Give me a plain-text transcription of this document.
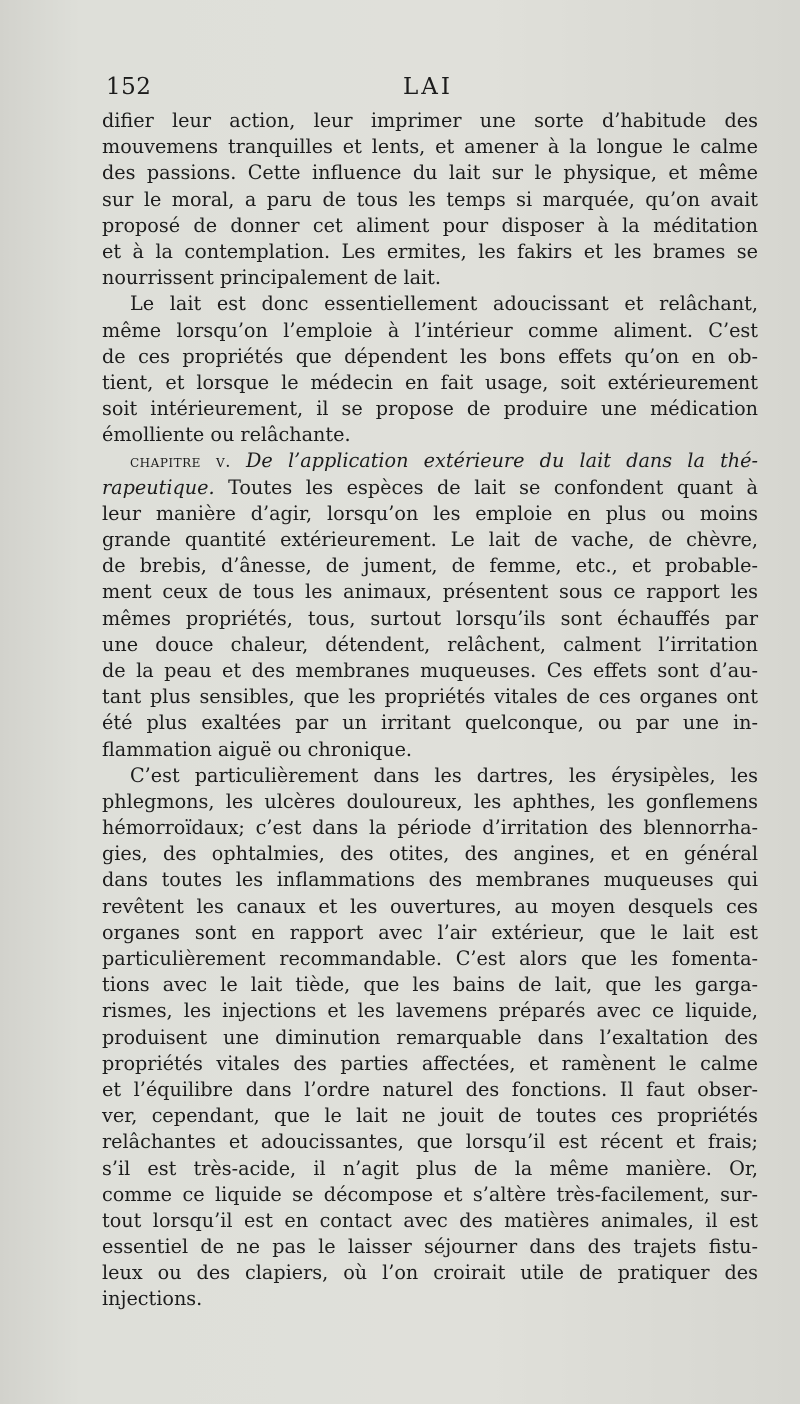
152	LAI
difier leur action, leur imprimer une sorte d’habitude des
mouvemens tranquilles et lents, et amener à la longue le calme
des passions. Cette influence du lait sur le physique, et même
sur le moral, a paru de tous les temps si marquée, qu’on avait
proposé de donner cet aliment pour disposer à la méditation
et à la contemplation. Les ermites, les fakirs et les brames se
nourrissent principalement de lait.
Le lait est donc essentiellement adoucissant et relâchant,
même lorsqu’on l’emploie à l’intérieur comme aliment. C’est
de ces propriétés que dépendent les bons effets qu’on en ob-
tient, et lorsque le médecin en fait usage, soit extérieurement
soit intérieurement, il se propose de produire une médication
émolliente ou relâchante.
chapitre v. De l’application extérieure du lait dans la thé-
rapeutique. Toutes les espèces de lait se confondent quant à
leur manière d’agir, lorsqu’on les emploie en plus ou moins
grande quantité extérieurement. Le lait de vache, de chèvre,
de brebis, d’ânesse, de jument, de femme, etc., et probable-
ment ceux de tous les animaux, présentent sous ce rapport les
mêmes propriétés, tous, surtout lorsqu’ils sont échauffés par
une douce chaleur, détendent, relâchent, calment l’irritation
de la peau et des membranes muqueuses. Ces effets sont d’au-
tant plus sensibles, que les propriétés vitales de ces organes ont
été plus exaltées par un irritant quelconque, ou par une in-
flammation aiguë ou chronique.
C’est particulièrement dans les dartres, les érysipèles, les
phlegmons, les ulcères douloureux, les aphthes, les gonflemens
hémorroïdaux; c’est dans la période d’irritation des blennorrha-
gies, des ophtalmies, des otites, des angines, et en général
dans toutes les inflammations des membranes muqueuses qui
revêtent les canaux et les ouvertures, au moyen desquels ces
organes sont en rapport avec l’air extérieur, que le lait est
particulièrement recommandable. C’est alors que les fomenta-
tions avec le lait tiède, que les bains de lait, que les garga-
rismes, les injections et les lavemens préparés avec ce liquide,
produisent une diminution remarquable dans l’exaltation des
propriétés vitales des parties affectées, et ramènent le calme
et l’équilibre dans l’ordre naturel des fonctions. Il faut obser-
ver, cependant, que le lait ne jouit de toutes ces propriétés
relâchantes et adoucissantes, que lorsqu’il est récent et frais;
s’il est très-acide, il n’agit plus de la même manière. Or,
comme ce liquide se décompose et s’altère très-facilement, sur-
tout lorsqu’il est en contact avec des matières animales, il est
essentiel de ne pas le laisser séjourner dans des trajets fistu-
leux ou des clapiers, où l’on croirait utile de pratiquer des
injections.
